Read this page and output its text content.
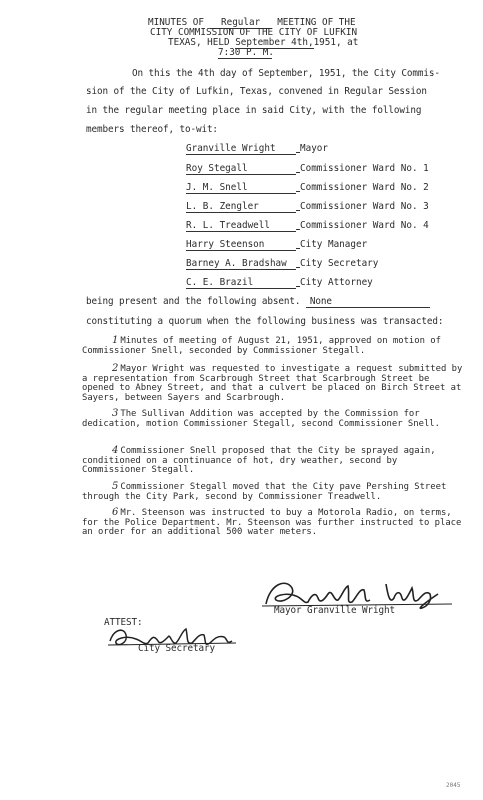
MINUTES OF Regular MEETING OF THE
CITY COMMISSION OF THE CITY OF LUFKIN
TEXAS, HELD September 4th,1951, at
7:30 P. M.
On this the 4th day of September, 1951, the City Commis-
sion of the City of Lufkin, Texas, convened in Regular Session
in the regular meeting place in said City, with the following
members thereof, to-wit:
Granville Wright	Mayor
Roy Stegall	Commissioner Ward No. 1
J. M. Snell	Commissioner Ward No. 2
L. B. Zengler	Commissioner Ward No. 3
R. L. Treadwell	Commissioner Ward No. 4
Harry Steenson	City Manager
Barney A. Bradshaw	City Secretary
C. E. Brazil	City Attorney
being present and the following absent. None
constituting a quorum when the following business was transacted:
1 Minutes of meeting of August 21, 1951, approved on motion of Commissioner Snell, seconded by Commissioner Stegall.
2 Mayor Wright was requested to investigate a request submitted by a representation from Scarbrough Street that Scarbrough Street be opened to Abney Street, and that a culvert be placed on Birch Street at Sayers, between Sayers and Scarbrough.
3 The Sullivan Addition was accepted by the Commission for dedication, motion Commissioner Stegall, second Commissioner Snell.
4 Commissioner Snell proposed that the City be sprayed again, conditioned on a continuance of hot, dry weather, second by Commissioner Stegall.
5 Commissioner Stegall moved that the City pave Pershing Street through the City Park, second by Commissioner Treadwell.
6 Mr. Steenson was instructed to buy a Motorola Radio, on terms, for the Police Department. Mr. Steenson was further instructed to place an order for an additional 500 water meters.
Mayor Granville Wright
ATTEST:
City Secretary
2045
